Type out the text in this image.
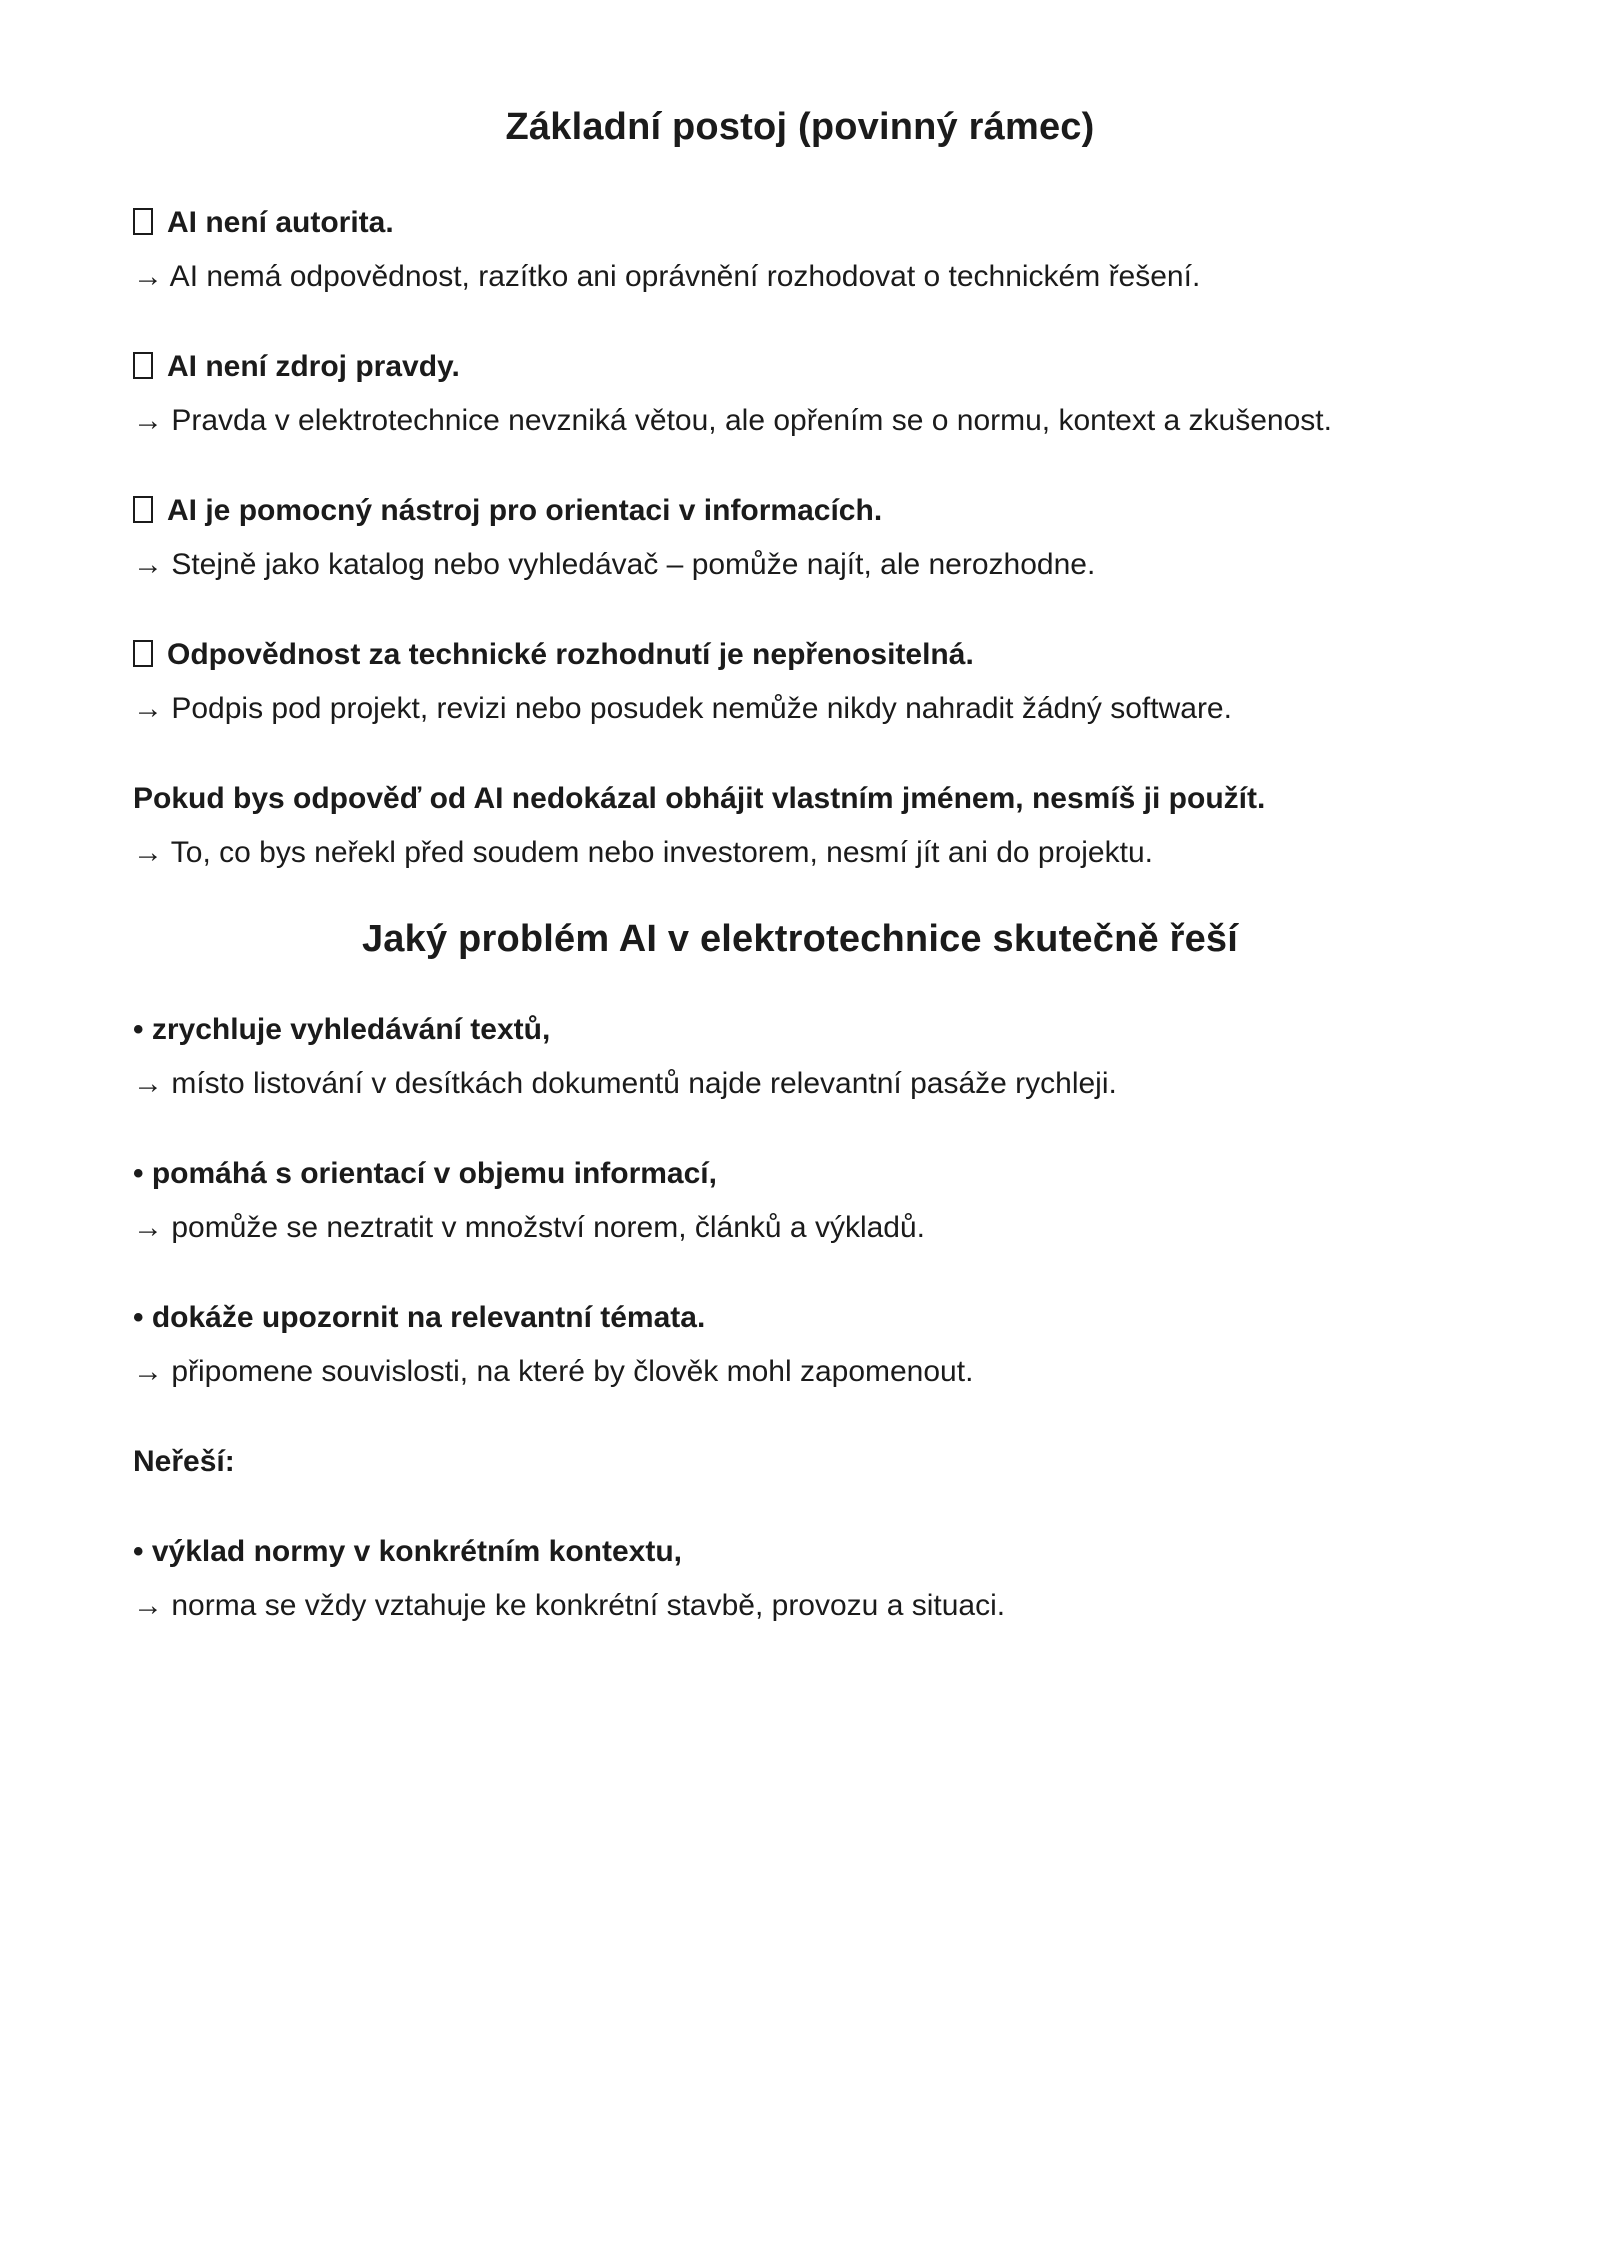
Základní postoj (povinný rámec)
AI není autorita.
→ AI nemá odpovědnost, razítko ani oprávnění rozhodovat o technickém řešení.
AI není zdroj pravdy.
→ Pravda v elektrotechnice nevzniká větou, ale opřením se o normu, kontext a zkušenost.
AI je pomocný nástroj pro orientaci v informacích.
→ Stejně jako katalog nebo vyhledávač – pomůže najít, ale nerozhodne.
Odpovědnost za technické rozhodnutí je nepřenositelná.
→ Podpis pod projekt, revizi nebo posudek nemůže nikdy nahradit žádný software.
Pokud bys odpověď od AI nedokázal obhájit vlastním jménem, nesmíš ji použít.
→ To, co bys neřekl před soudem nebo investorem, nesmí jít ani do projektu.
Jaký problém AI v elektrotechnice skutečně řeší
• zrychluje vyhledávání textů,
→ místo listování v desítkách dokumentů najde relevantní pasáže rychleji.
• pomáhá s orientací v objemu informací,
→ pomůže se neztratit v množství norem, článků a výkladů.
• dokáže upozornit na relevantní témata.
→ připomene souvislosti, na které by člověk mohl zapomenout.
Neřeší:
• výklad normy v konkrétním kontextu,
→ norma se vždy vztahuje ke konkrétní stavbě, provozu a situaci.
